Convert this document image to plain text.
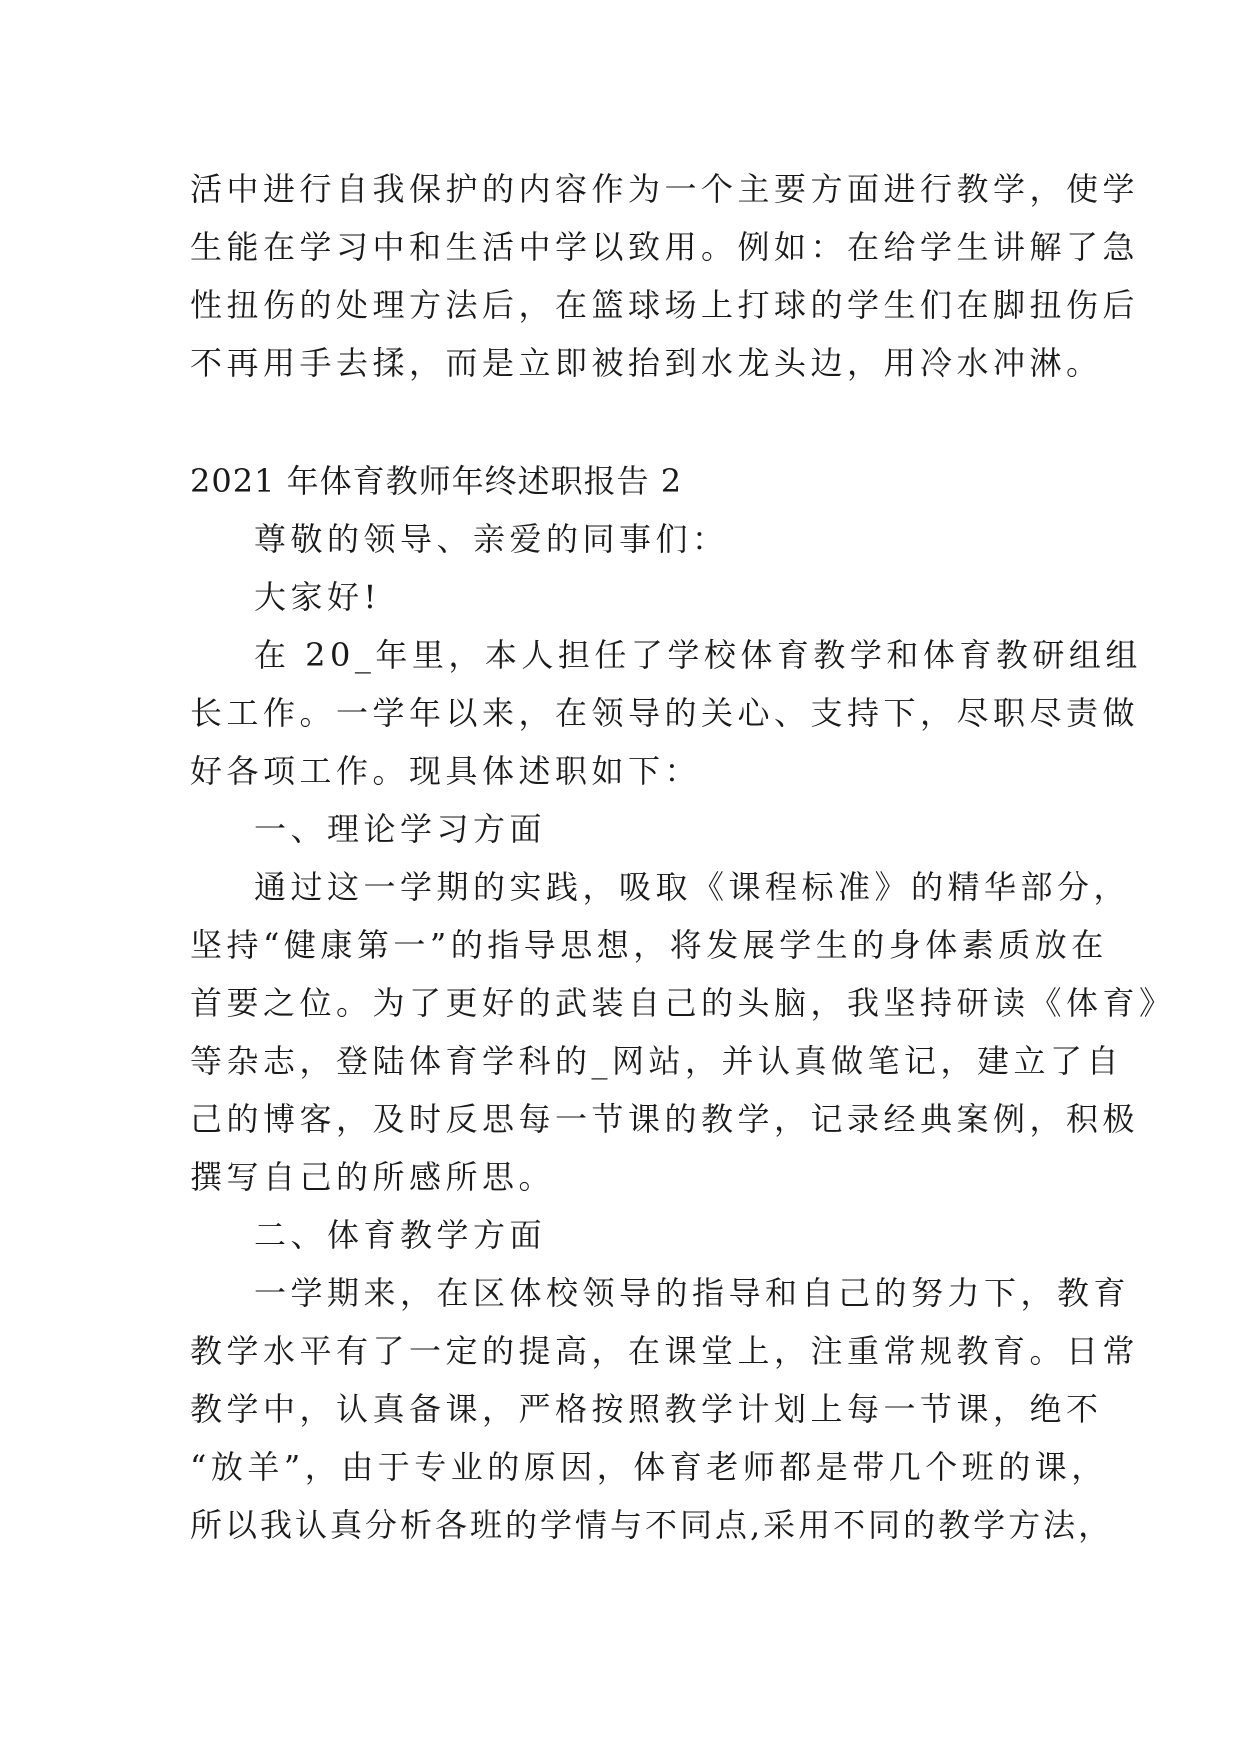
活中进行自我保护的内容作为一个主要方面进行教学，使学
生能在学习中和生活中学以致用。例如：在给学生讲解了急
性扭伤的处理方法后，在篮球场上打球的学生们在脚扭伤后
不再用手去揉，而是立即被抬到水龙头边，用冷水冲淋。
2021 年体育教师年终述职报告 2
尊敬的领导、亲爱的同事们：
大家好!
在 20_年里，本人担任了学校体育教学和体育教研组组
长工作。一学年以来，在领导的关心、支持下，尽职尽责做
好各项工作。现具体述职如下：
一、理论学习方面
通过这一学期的实践，吸取《课程标准》的精华部分，
坚持“健康第一”的指导思想，将发展学生的身体素质放在
首要之位。为了更好的武装自己的头脑，我坚持研读《体育》
等杂志，登陆体育学科的_网站，并认真做笔记，建立了自
己的博客，及时反思每一节课的教学，记录经典案例，积极
撰写自己的所感所思。
二、体育教学方面
一学期来，在区体校领导的指导和自己的努力下，教育
教学水平有了一定的提高，在课堂上，注重常规教育。日常
教学中，认真备课，严格按照教学计划上每一节课，绝不
“放羊”，由于专业的原因，体育老师都是带几个班的课，
所以我认真分析各班的学情与不同点,采用不同的教学方法，
